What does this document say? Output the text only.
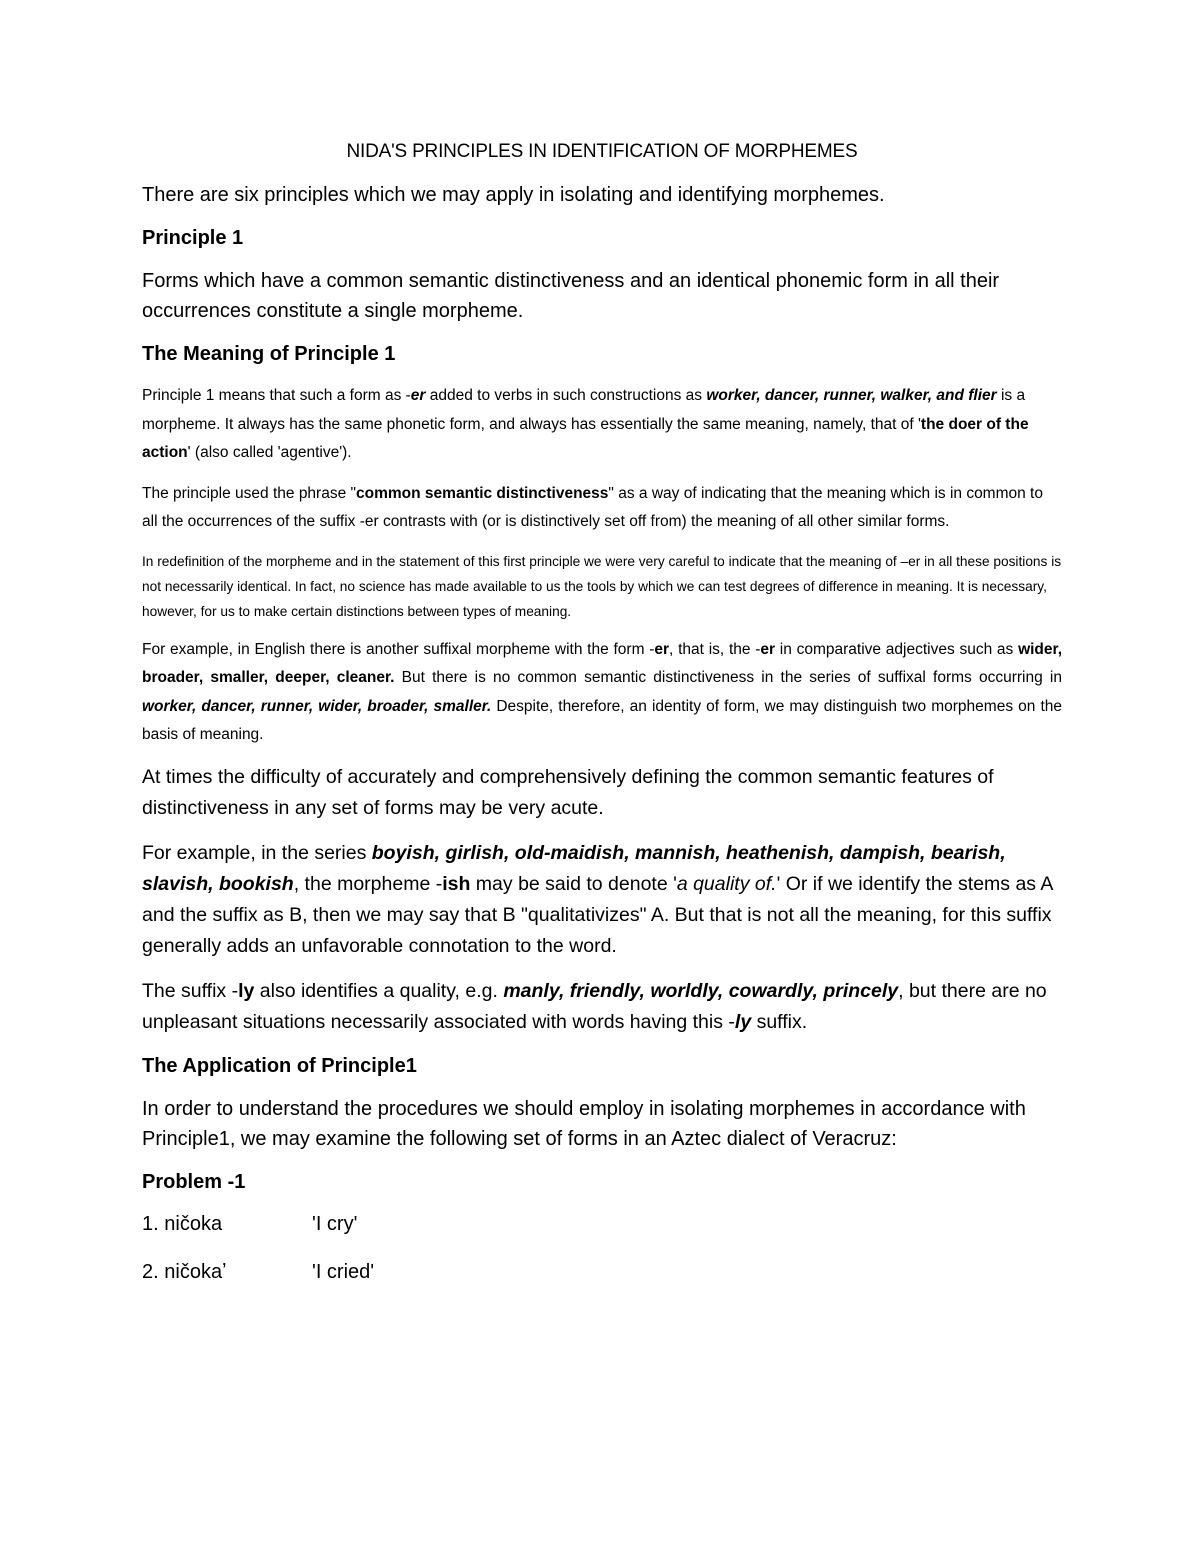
NIDA'S PRINCIPLES IN IDENTIFICATION OF MORPHEMES

There are six principles which we may apply in isolating and identifying morphemes.

Principle 1

Forms which have a common semantic distinctiveness and an identical phonemic form in all their occurrences constitute a single morpheme.

The Meaning of Principle 1

Principle 1 means that such a form as -er added to verbs in such constructions as worker, dancer, runner, walker, and flier is a morpheme. It always has the same phonetic form, and always has essentially the same meaning, namely, that of 'the doer of the action' (also called 'agentive').

The principle used the phrase "common semantic distinctiveness" as a way of indicating that the meaning which is in common to all the occurrences of the suffix -er contrasts with (or is distinctively set off from) the meaning of all other similar forms.

In redefinition of the morpheme and in the statement of this first principle we were very careful to indicate that the meaning of –er in all these positions is not necessarily identical. In fact, no science has made available to us the tools by which we can test degrees of difference in meaning. It is necessary, however, for us to make certain distinctions between types of meaning.

For example, in English there is another suffixal morpheme with the form -er, that is, the -er in comparative adjectives such as wider, broader, smaller, deeper, cleaner. But there is no common semantic distinctiveness in the series of suffixal forms occurring in worker, dancer, runner, wider, broader, smaller. Despite, therefore, an identity of form, we may distinguish two morphemes on the basis of meaning.

At times the difficulty of accurately and comprehensively defining the common semantic features of distinctiveness in any set of forms may be very acute.

For example, in the series boyish, girlish, old-maidish, mannish, heathenish, dampish, bearish, slavish, bookish, the morpheme -ish may be said to denote 'a quality of.' Or if we identify the stems as A and the suffix as B, then we may say that B "qualitativizes" A. But that is not all the meaning, for this suffix generally adds an unfavorable connotation to the word.

The suffix -ly also identifies a quality, e.g. manly, friendly, worldly, cowardly, princely, but there are no unpleasant situations necessarily associated with words having this -ly suffix.

The Application of Principle1

In order to understand the procedures we should employ in isolating morphemes in accordance with Principle1, we may examine the following set of forms in an Aztec dialect of Veracruz:

Problem -1

1. ničoka	'I cry'
2. ničokaʼ	'I cried'
